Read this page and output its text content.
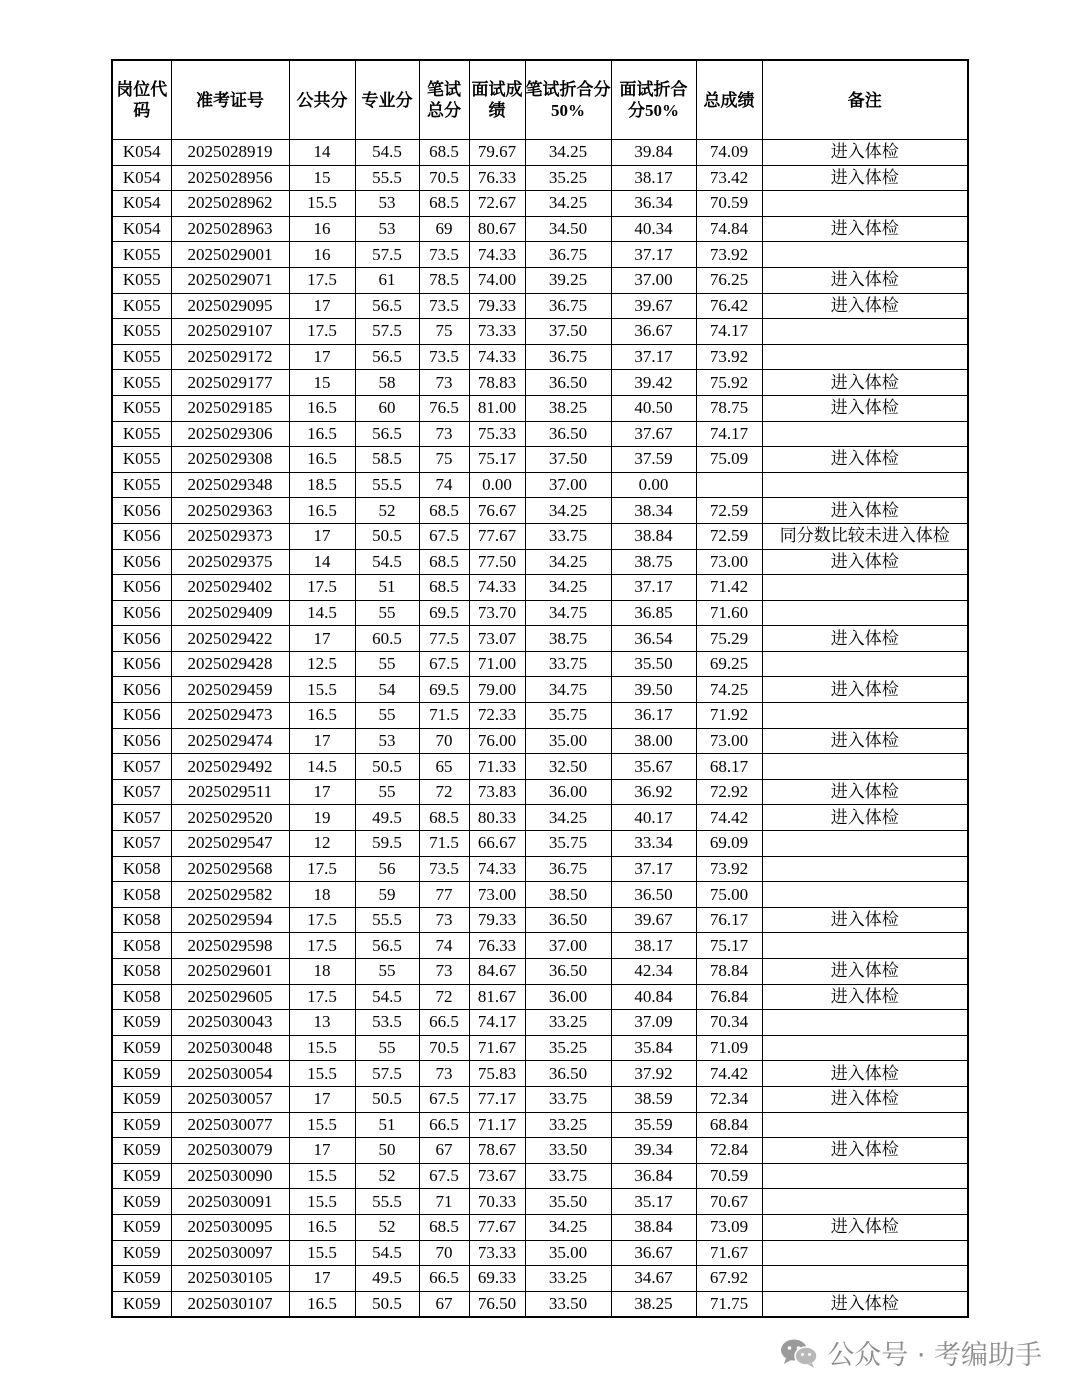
岗位代码	准考证号	公共分	专业分	笔试总分	面试成绩	笔试折合分50%	面试折合分50%	总成绩	备注
K054	2025028919	14	54.5	68.5	79.67	34.25	39.84	74.09	进入体检
K054	2025028956	15	55.5	70.5	76.33	35.25	38.17	73.42	进入体检
K054	2025028962	15.5	53	68.5	72.67	34.25	36.34	70.59	
K054	2025028963	16	53	69	80.67	34.50	40.34	74.84	进入体检
K055	2025029001	16	57.5	73.5	74.33	36.75	37.17	73.92	
K055	2025029071	17.5	61	78.5	74.00	39.25	37.00	76.25	进入体检
K055	2025029095	17	56.5	73.5	79.33	36.75	39.67	76.42	进入体检
K055	2025029107	17.5	57.5	75	73.33	37.50	36.67	74.17	
K055	2025029172	17	56.5	73.5	74.33	36.75	37.17	73.92	
K055	2025029177	15	58	73	78.83	36.50	39.42	75.92	进入体检
K055	2025029185	16.5	60	76.5	81.00	38.25	40.50	78.75	进入体检
K055	2025029306	16.5	56.5	73	75.33	36.50	37.67	74.17	
K055	2025029308	16.5	58.5	75	75.17	37.50	37.59	75.09	进入体检
K055	2025029348	18.5	55.5	74	0.00	37.00	0.00		
K056	2025029363	16.5	52	68.5	76.67	34.25	38.34	72.59	进入体检
K056	2025029373	17	50.5	67.5	77.67	33.75	38.84	72.59	同分数比较未进入体检
K056	2025029375	14	54.5	68.5	77.50	34.25	38.75	73.00	进入体检
K056	2025029402	17.5	51	68.5	74.33	34.25	37.17	71.42	
K056	2025029409	14.5	55	69.5	73.70	34.75	36.85	71.60	
K056	2025029422	17	60.5	77.5	73.07	38.75	36.54	75.29	进入体检
K056	2025029428	12.5	55	67.5	71.00	33.75	35.50	69.25	
K056	2025029459	15.5	54	69.5	79.00	34.75	39.50	74.25	进入体检
K056	2025029473	16.5	55	71.5	72.33	35.75	36.17	71.92	
K056	2025029474	17	53	70	76.00	35.00	38.00	73.00	进入体检
K057	2025029492	14.5	50.5	65	71.33	32.50	35.67	68.17	
K057	2025029511	17	55	72	73.83	36.00	36.92	72.92	进入体检
K057	2025029520	19	49.5	68.5	80.33	34.25	40.17	74.42	进入体检
K057	2025029547	12	59.5	71.5	66.67	35.75	33.34	69.09	
K058	2025029568	17.5	56	73.5	74.33	36.75	37.17	73.92	
K058	2025029582	18	59	77	73.00	38.50	36.50	75.00	
K058	2025029594	17.5	55.5	73	79.33	36.50	39.67	76.17	进入体检
K058	2025029598	17.5	56.5	74	76.33	37.00	38.17	75.17	
K058	2025029601	18	55	73	84.67	36.50	42.34	78.84	进入体检
K058	2025029605	17.5	54.5	72	81.67	36.00	40.84	76.84	进入体检
K059	2025030043	13	53.5	66.5	74.17	33.25	37.09	70.34	
K059	2025030048	15.5	55	70.5	71.67	35.25	35.84	71.09	
K059	2025030054	15.5	57.5	73	75.83	36.50	37.92	74.42	进入体检
K059	2025030057	17	50.5	67.5	77.17	33.75	38.59	72.34	进入体检
K059	2025030077	15.5	51	66.5	71.17	33.25	35.59	68.84	
K059	2025030079	17	50	67	78.67	33.50	39.34	72.84	进入体检
K059	2025030090	15.5	52	67.5	73.67	33.75	36.84	70.59	
K059	2025030091	15.5	55.5	71	70.33	35.50	35.17	70.67	
K059	2025030095	16.5	52	68.5	77.67	34.25	38.84	73.09	进入体检
K059	2025030097	15.5	54.5	70	73.33	35.00	36.67	71.67	
K059	2025030105	17	49.5	66.5	69.33	33.25	34.67	67.92	
K059	2025030107	16.5	50.5	67	76.50	33.50	38.25	71.75	进入体检
公众号 · 考编助手
